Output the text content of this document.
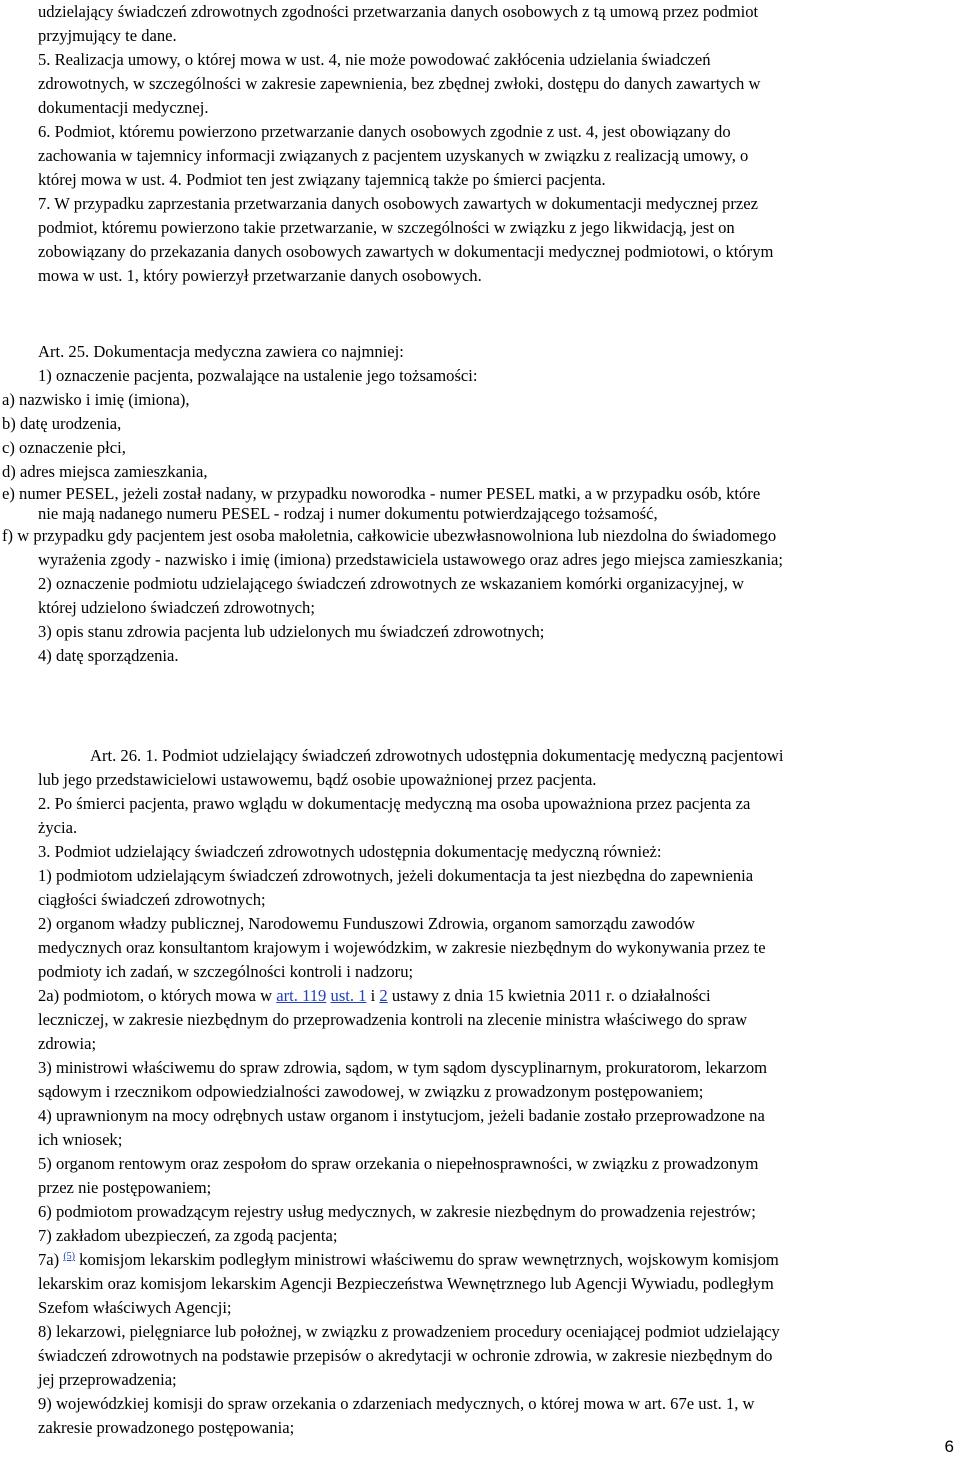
udzielający świadczeń zdrowotnych zgodności przetwarzania danych osobowych z tą umową przez podmiot
przyjmujący te dane.
5. Realizacja umowy, o której mowa w ust. 4, nie może powodować zakłócenia udzielania świadczeń
zdrowotnych, w szczególności w zakresie zapewnienia, bez zbędnej zwłoki, dostępu do danych zawartych w
dokumentacji medycznej.
6. Podmiot, któremu powierzono przetwarzanie danych osobowych zgodnie z ust. 4, jest obowiązany do
zachowania w tajemnicy informacji związanych z pacjentem uzyskanych w związku z realizacją umowy, o
której mowa w ust. 4. Podmiot ten jest związany tajemnicą także po śmierci pacjenta.
7. W przypadku zaprzestania przetwarzania danych osobowych zawartych w dokumentacji medycznej przez
podmiot, któremu powierzono takie przetwarzanie, w szczególności w związku z jego likwidacją, jest on
zobowiązany do przekazania danych osobowych zawartych w dokumentacji medycznej podmiotowi, o którym
mowa w ust. 1, który powierzył przetwarzanie danych osobowych.
Art. 25. Dokumentacja medyczna zawiera co najmniej:
1) oznaczenie pacjenta, pozwalające na ustalenie jego tożsamości:
a) nazwisko i imię (imiona),
b) datę urodzenia,
c) oznaczenie płci,
d) adres miejsca zamieszkania,
e) numer PESEL, jeżeli został nadany, w przypadku noworodka - numer PESEL matki, a w przypadku osób, które
nie mają nadanego numeru PESEL - rodzaj i numer dokumentu potwierdzającego tożsamość,
f) w przypadku gdy pacjentem jest osoba małoletnia, całkowicie ubezwłasnowolniona lub niezdolna do świadomego
wyrażenia zgody - nazwisko i imię (imiona) przedstawiciela ustawowego oraz adres jego miejsca zamieszkania;
2) oznaczenie podmiotu udzielającego świadczeń zdrowotnych ze wskazaniem komórki organizacyjnej, w
której udzielono świadczeń zdrowotnych;
3) opis stanu zdrowia pacjenta lub udzielonych mu świadczeń zdrowotnych;
4) datę sporządzenia.
Art. 26. 1. Podmiot udzielający świadczeń zdrowotnych udostępnia dokumentację medyczną pacjentowi
lub jego przedstawicielowi ustawowemu, bądź osobie upoważnionej przez pacjenta.
2. Po śmierci pacjenta, prawo wglądu w dokumentację medyczną ma osoba upoważniona przez pacjenta za
życia.
3. Podmiot udzielający świadczeń zdrowotnych udostępnia dokumentację medyczną również:
1) podmiotom udzielającym świadczeń zdrowotnych, jeżeli dokumentacja ta jest niezbędna do zapewnienia
ciągłości świadczeń zdrowotnych;
2) organom władzy publicznej, Narodowemu Funduszowi Zdrowia, organom samorządu zawodów
medycznych oraz konsultantom krajowym i wojewódzkim, w zakresie niezbędnym do wykonywania przez te
podmioty ich zadań, w szczególności kontroli i nadzoru;
2a) podmiotom, o których mowa w art. 119 ust. 1 i 2 ustawy z dnia 15 kwietnia 2011 r. o działalności
leczniczej, w zakresie niezbędnym do przeprowadzenia kontroli na zlecenie ministra właściwego do spraw
zdrowia;
3) ministrowi właściwemu do spraw zdrowia, sądom, w tym sądom dyscyplinarnym, prokuratorom, lekarzom
sądowym i rzecznikom odpowiedzialności zawodowej, w związku z prowadzonym postępowaniem;
4) uprawnionym na mocy odrębnych ustaw organom i instytucjom, jeżeli badanie zostało przeprowadzone na
ich wniosek;
5) organom rentowym oraz zespołom do spraw orzekania o niepełnosprawności, w związku z prowadzonym
przez nie postępowaniem;
6) podmiotom prowadzącym rejestry usług medycznych, w zakresie niezbędnym do prowadzenia rejestrów;
7) zakładom ubezpieczeń, za zgodą pacjenta;
7a) $^{(5)}$ komisjom lekarskim podległym ministrowi właściwemu do spraw wewnętrznych, wojskowym komisjom
lekarskim oraz komisjom lekarskim Agencji Bezpieczeństwa Wewnętrznego lub Agencji Wywiadu, podległym
Szefom właściwych Agencji;
8) lekarzowi, pielęgniarce lub położnej, w związku z prowadzeniem procedury oceniającej podmiot udzielający
świadczeń zdrowotnych na podstawie przepisów o akredytacji w ochronie zdrowia, w zakresie niezbędnym do
jej przeprowadzenia;
9) wojewódzkiej komisji do spraw orzekania o zdarzeniach medycznych, o której mowa w art. 67e ust. 1, w
zakresie prowadzonego postępowania;
6
